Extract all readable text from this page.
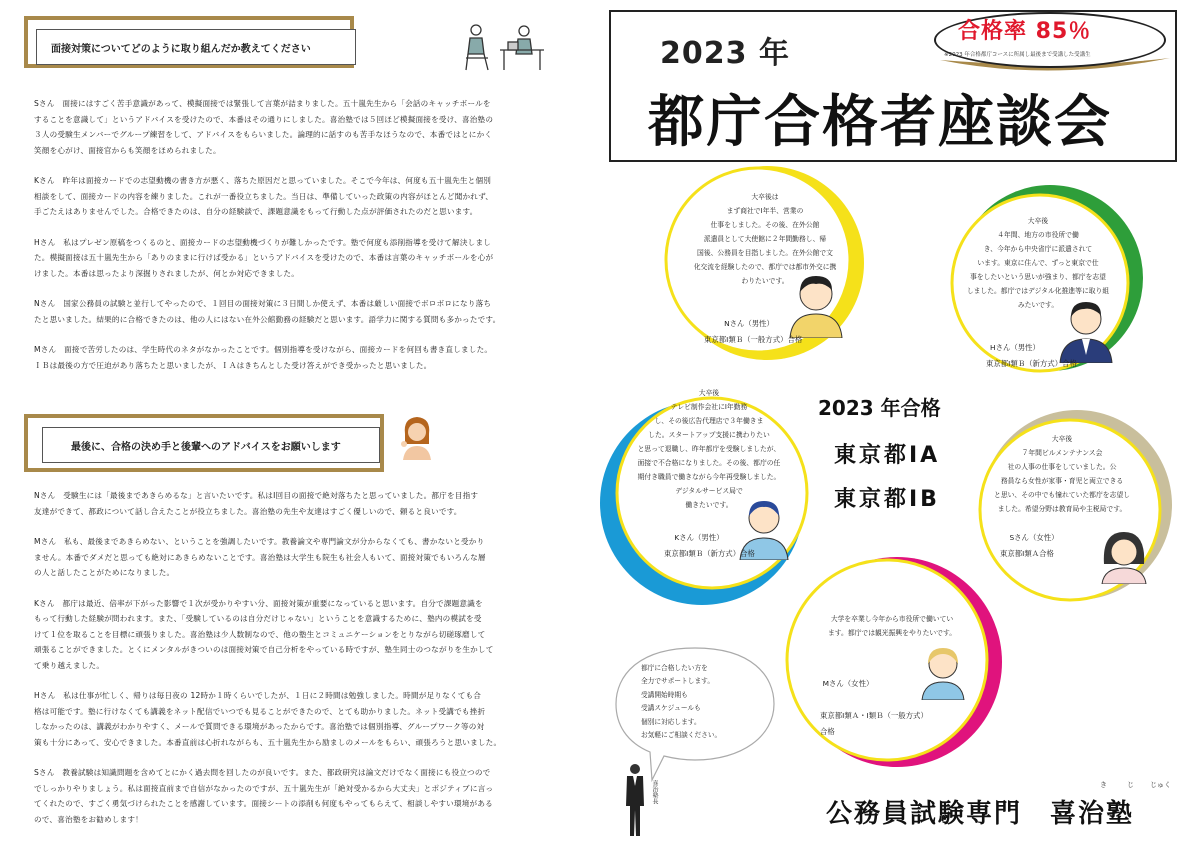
面接対策についてどのように取り組んだか教えてください

Sさん　面接にはすごく苦手意識があって、模擬面接では緊張して言葉が詰まりました。五十嵐先生から「会話のキャッチボールを
することを意識して」というアドバイスを受けたので、本番はその通りにしました。喜治塾では５回ほど模擬面接を受け、喜治塾の
３人の受験生メンバーでグループ練習をして、アドバイスをもらいました。論理的に話すのも苦手なほうなので、本番ではとにかく
笑顔を心がけ、面接官からも笑顔をほめられました。

Kさん　昨年は面接カードでの志望動機の書き方が悪く、落ちた原因だと思っていました。そこで今年は、何度も五十嵐先生と個別
相談をして、面接カードの内容を練りました。これが一番役立ちました。当日は、準備していった政策の内容がほとんど聞かれず、
手ごたえはありませんでした。合格できたのは、自分の経験談で、課題意識をもって行動した点が評価されたのだと思います。

Hさん　私はプレゼン原稿をつくるのと、面接カードの志望動機づくりが難しかったです。塾で何度も添削指導を受けて解決しまし
た。模擬面接は五十嵐先生から「ありのままに行けば受かる」というアドバイスを受けたので、本番は言葉のキャッチボールを心が
けました。本番は思ったより深掘りされましたが、何とか対応できました。

Nさん　国家公務員の試験と並行してやったので、１回目の面接対策に３日間しか使えず、本番は厳しい面接でボロボロになり落ち
たと思いました。結果的に合格できたのは、他の人にはない在外公館勤務の経験だと思います。語学力に関する質問も多かったです。

Mさん　面接で苦労したのは、学生時代のネタがなかったことです。個別指導を受けながら、面接カードを何回も書き直しました。
ＩＢは最後の方で圧迫があり落ちたと思いましたが、ＩＡはきちんとした受け答えができ受かったと思いました。

最後に、合格の決め手と後輩へのアドバイスをお願いします

Nさん　受験生には「最後まであきらめるな」と言いたいです。私はⅠ回目の面接で絶対落ちたと思っていました。都庁を目指す
友達ができて、都政について話し合えたことが役立ちました。喜治塾の先生や友達はすごく優しいので、頼ると良いです。

Mさん　私も、最後まであきらめない、ということを強調したいです。教養論文や専門論文が分からなくても、書かないと受かり
ません。本番でダメだと思っても絶対にあきらめないことです。喜治塾は大学生も院生も社会人もいて、面接対策でもいろんな層
の人と話したことがためになりました。

Kさん　都庁は最近、倍率が下がった影響で１次が受かりやすい分、面接対策が重要になっていると思います。自分で課題意識を
もって行動した経験が問われます。また、「受験しているのは自分だけじゃない」ということを意識するために、塾内の模試を受
けて１位を取ることを目標に頑張りました。喜治塾は少人数制なので、他の塾生とコミュニケーションをとりながら切磋琢磨して
頑張ることができました。とくにメンタルがきついのは面接対策で自己分析をやっている時ですが、塾生同士のつながりを生かして
て乗り越えました。

Hさん　私は仕事が忙しく、帰りは毎日夜の 12時か１時くらいでしたが、１日に２時間は勉強しました。時間が足りなくても合
格は可能です。塾に行けなくても講義をネット配信でいつでも見ることができたので、とても助かりました。ネット受講でも挫折
しなかったのは、講義がわかりやすく、メールで質問できる環境があったからです。喜治塾では個別指導、グループワーク等の対
策も十分にあって、安心できました。本番直前は心折れながらも、五十嵐先生から励ましのメールをもらい、頑張ろうと思いました。

Sさん　教養試験は知識問題を含めてとにかく過去問を回したのが良いです。また、都政研究は論文だけでなく面接にも役立つので
でしっかりやりましょう。私は面接直前まで自信がなかったのですが、五十嵐先生が「絶対受かるから大丈夫」とポジティブに言っ
てくれたので、すごく勇気づけられたことを感謝しています。面接シートの添削も何度もやってもらえて、相談しやすい環境がある
ので、喜治塾をお勧めします！

2023 年
都庁合格者座談会
合格率 85％
※2023 年合格都庁コースに所属し最後まで受講した受講生

大卒後は
まず商社でⅠ年半、営業の
仕事をしました。その後、在外公館
派遣員として大使館に２年間勤務し、帰
国後、公務員を目指しました。在外公館で文
化交流を経験したので、都庁では都市外交に携
わりたいです。

Nさん（男性）
東京都Ⅰ類Ｂ（一般方式）合格

大卒後
４年間、地方の市役所で働
き、今年から中央省庁に派遣されて
います。東京に住んで、ずっと東京で仕
事をしたいという思いが強まり、都庁を志望
しました。都庁ではデジタル化推進等に取り組
みたいです。

Hさん（男性）
東京都Ⅰ類Ｂ（新方式）合格

大卒後
テレビ制作会社にⅠ年勤務
し、その後広告代理店で３年働きま
した。スタートアップ支援に携わりたい
と思って退職し、昨年都庁を受験しましたが、
面接で不合格になりました。その後、都庁の任
期付き職員で働きながら今年再受験しました。
デジタルサービス局で
働きたいです。

Kさん（男性）
東京都Ⅰ類Ｂ（新方式）合格

大卒後
７年間ビルメンテナンス会
社の人事の仕事をしていました。公
務員なら女性が家事・育児と両立できる
と思い、その中でも憧れていた都庁を志望し
ました。希望分野は教育局や主税局です。

Sさん（女性）
東京都Ⅰ類Ａ合格

大学を卒業し今年から市役所で働いてい
ます。都庁では観光振興をやりたいです。

Mさん（女性）

東京都Ⅰ類Ａ・Ⅰ類Ｂ（一般方式）
合格

2023 年合格
東京都ⅠA
東京都ⅠB

都庁に合格したい方を
全力でサポートします。
受講開始時期も
受講スケジュールも
個別に対応します。
お気軽にご相談ください。

喜治塾長
公務員試験専門　喜治塾
き	じ じゅく
